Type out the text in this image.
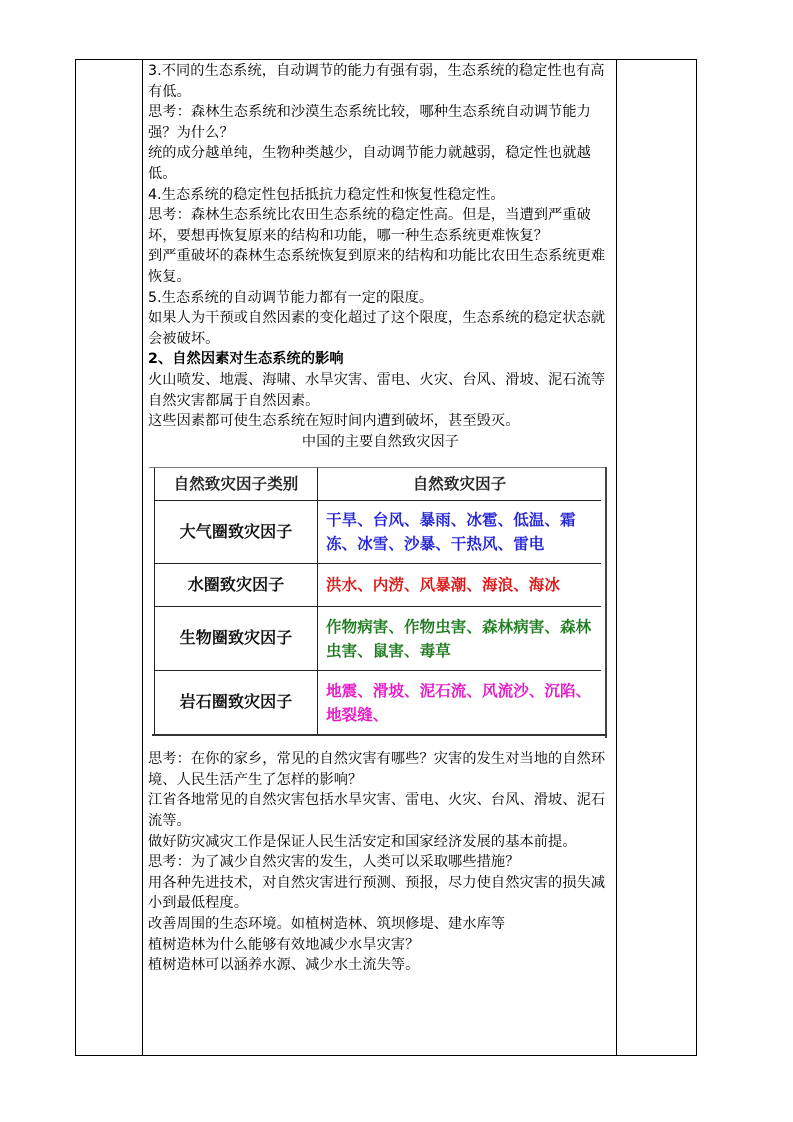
3.不同的生态系统，自动调节的能力有强有弱，生态系统的稳定性也有高有低。

思考：森林生态系统和沙漠生态系统比较，哪种生态系统自动调节能力强？为什么？

统的成分越单纯，生物种类越少，自动调节能力就越弱，稳定性也就越低。

4.生态系统的稳定性包括抵抗力稳定性和恢复性稳定性。

思考：森林生态系统比农田生态系统的稳定性高。但是，当遭到严重破坏，要想再恢复原来的结构和功能，哪一种生态系统更难恢复？

到严重破坏的森林生态系统恢复到原来的结构和功能比农田生态系统更难恢复。

5.生态系统的自动调节能力都有一定的限度。

如果人为干预或自然因素的变化超过了这个限度，生态系统的稳定状态就会被破坏。

2、自然因素对生态系统的影响

火山喷发、地震、海啸、水旱灾害、雷电、火灾、台风、滑坡、泥石流等自然灾害都属于自然因素。

这些因素都可使生态系统在短时间内遭到破坏，甚至毁灭。

中国的主要自然致灾因子

自然致灾因子类别	自然致灾因子
大气圈致灾因子	干旱、台风、暴雨、冰雹、低温、霜冻、冰雪、沙暴、干热风、雷电
水圈致灾因子	洪水、内涝、风暴潮、海浪、海冰
生物圈致灾因子	作物病害、作物虫害、森林病害、森林虫害、鼠害、毒草
岩石圈致灾因子	地震、滑坡、泥石流、风流沙、沉陷、地裂缝、

思考：在你的家乡，常见的自然灾害有哪些？灾害的发生对当地的自然环境、人民生活产生了怎样的影响？

江省各地常见的自然灾害包括水旱灾害、雷电、火灾、台风、滑坡、泥石流等。

做好防灾减灾工作是保证人民生活安定和国家经济发展的基本前提。

思考：为了减少自然灾害的发生，人类可以采取哪些措施？

用各种先进技术，对自然灾害进行预测、预报，尽力使自然灾害的损失减小到最低程度。

改善周围的生态环境。如植树造林、筑坝修堤、建水库等

植树造林为什么能够有效地减少水旱灾害？

植树造林可以涵养水源、减少水土流失等。
